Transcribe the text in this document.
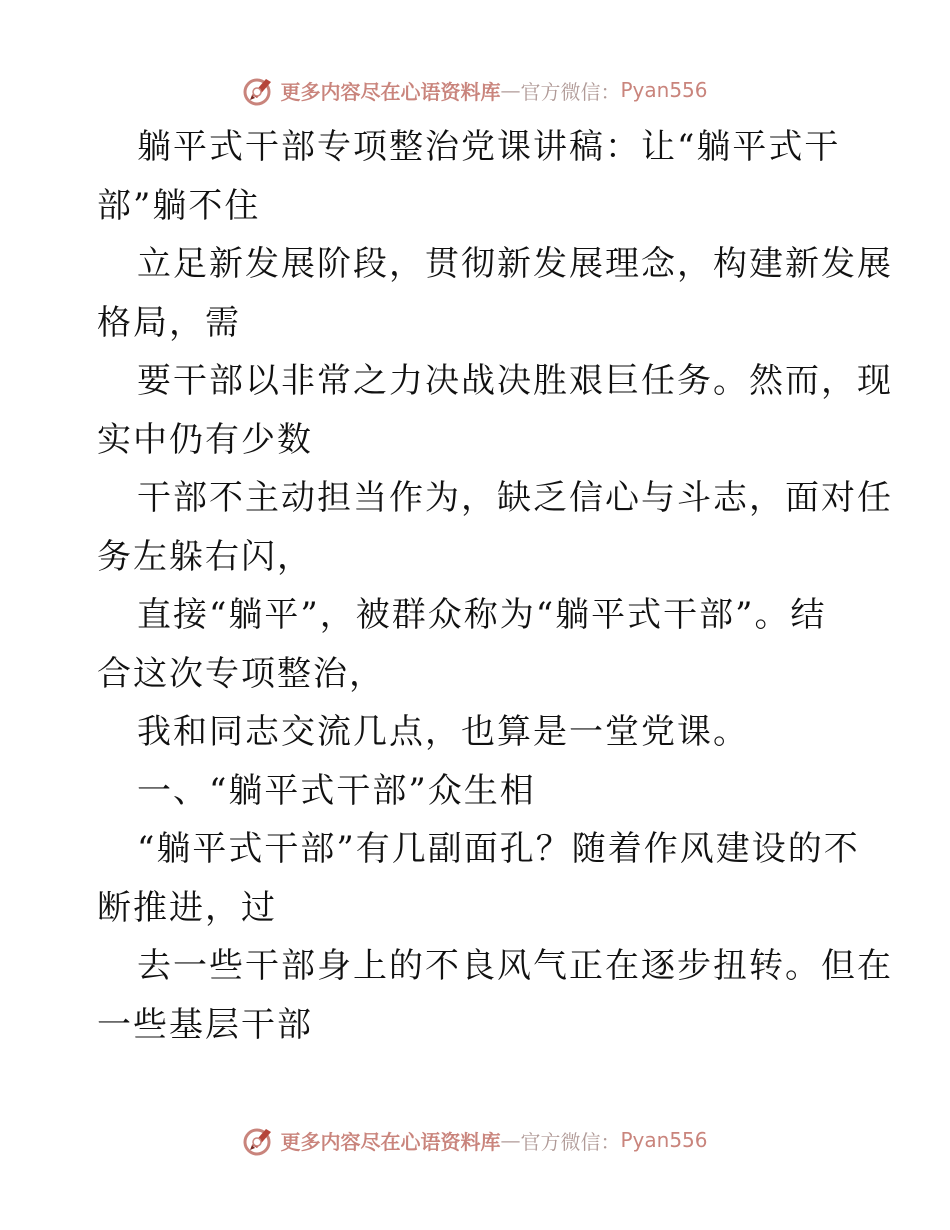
更多内容尽在心语资料库 — 官方微信： Pyan556
躺平式干部专项整治党课讲稿：让“躺平式干
部”躺不住
立足新发展阶段，贯彻新发展理念，构建新发展
格局，需
要干部以非常之力决战决胜艰巨任务。然而，现
实中仍有少数
干部不主动担当作为，缺乏信心与斗志，面对任
务左躲右闪，
直接“躺平”，被群众称为“躺平式干部”。结
合这次专项整治，
我和同志交流几点，也算是一堂党课。
一、“躺平式干部”众生相
“躺平式干部”有几副面孔？随着作风建设的不
断推进，过
去一些干部身上的不良风气正在逐步扭转。但在
一些基层干部
更多内容尽在心语资料库 — 官方微信： Pyan556
